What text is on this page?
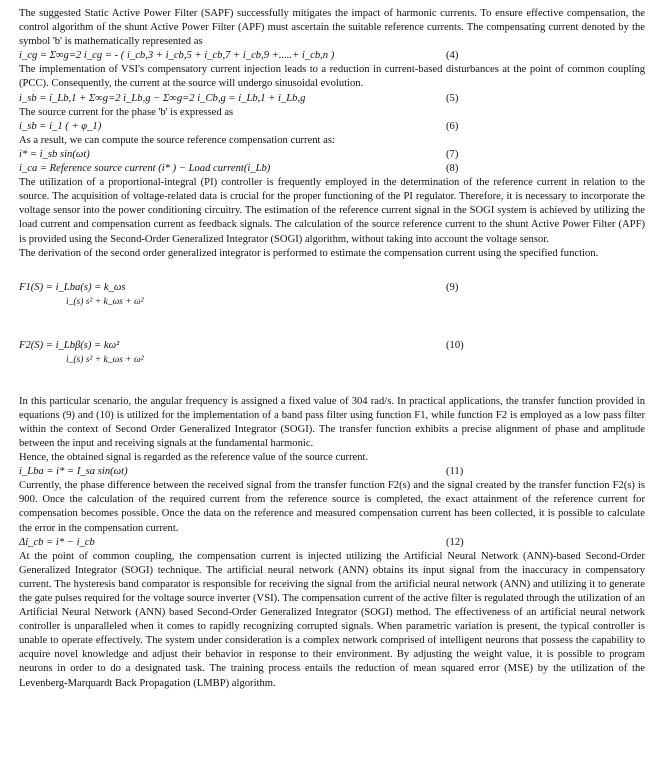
The suggested Static Active Power Filter (SAPF) successfully mitigates the impact of harmonic currents. To ensure effective compensation, the control algorithm of the shunt Active Power Filter (APF) must ascertain the suitable reference currents. The compensating current denoted by the symbol 'b' is mathematically represented as

i_cg = Σ∞g=2 i_cg = - ( i_cb,3 + i_cb,5 + i_cb,7 + i_cb,9 +.....+ i_cb,n )	(4)

The implementation of VSI's compensatory current injection leads to a reduction in current-based disturbances at the point of common coupling (PCC). Consequently, the current at the source will undergo sinusoidal evolution.

i_sb = i_Lb,1 + Σ∞g=2 i_Lb,g − Σ∞g=2 i_Cb,g = i_Lb,1 + i_Lb,g	(5)

The source current for the phase 'b' is expressed as

i_sb = i_1 ( + φ_1)	(6)

As a result, we can compute the source reference compensation current as:

i* = i_sb sin(ωt)	(7)
i_ca = Reference source current (i* ) − Load current(i_Lb)	(8)

The utilization of a proportional-integral (PI) controller is frequently employed in the determination of the reference current in relation to the source. The acquisition of voltage-related data is crucial for the proper functioning of the PI regulator. Therefore, it is necessary to incorporate the voltage sensor into the power conditioning circuitry. The estimation of the reference current signal in the SOGI system is achieved by utilizing the load current and compensation current as feedback signals. The calculation of the source reference current to the shunt Active Power Filter (APF) is provided using the Second-Order Generalized Integrator (SOGI) algorithm, without taking into account the voltage sensor.

The derivation of the second order generalized integrator is performed to estimate the compensation current using the specified function.

F1(S) = i_Lba(s) = k_ωs
i_(s) s² + k_ωs + ω²
(9)
F2(S) = i_Lbβ(s) = kω²
i_(s) s² + k_ωs + ω²
(10)

In this particular scenario, the angular frequency is assigned a fixed value of 304 rad/s. In practical applications, the transfer function provided in equations (9) and (10) is utilized for the implementation of a band pass filter using function F1, while function F2 is employed as a low pass filter within the context of Second Order Generalized Integrator (SOGI). The transfer function exhibits a precise alignment of phase and amplitude between the input and receiving signals at the fundamental harmonic.

Hence, the obtained signal is regarded as the reference value of the source current.

i_Lba = i* = I_sa sin(ωt)	(11)

Currently, the phase difference between the received signal from the transfer function F2(s) and the signal created by the transfer function F2(s) is 900. Once the calculation of the required current from the reference source is completed, the exact attainment of the reference current for compensation becomes possible. Once the data on the reference and measured compensation current has been collected, it is possible to calculate the error in the compensation current.

Δi_cb = i* − i_cb	(12)

At the point of common coupling, the compensation current is injected utilizing the Artificial Neural Network (ANN)-based Second-Order Generalized Integrator (SOGI) technique. The artificial neural network (ANN) obtains its input signal from the inaccuracy in compensatory current. The hysteresis band comparator is responsible for receiving the signal from the artificial neural network (ANN) and utilizing it to generate the gate pulses required for the voltage source inverter (VSI). The compensation current of the active filter is regulated through the utilization of an Artificial Neural Network (ANN) based Second-Order Generalized Integrator (SOGI) method. The effectiveness of an artificial neural network controller is unparalleled when it comes to rapidly recognizing corrupted signals. When parametric variation is present, the typical controller is unable to operate effectively. The system under consideration is a complex network comprised of intelligent neurons that possess the capability to acquire novel knowledge and adjust their behavior in response to their environment. By adjusting the weight value, it is possible to program neurons in order to do a designated task. The training process entails the reduction of mean squared error (MSE) by the utilization of the Levenberg-Marquardt Back Propagation (LMBP) algorithm.
